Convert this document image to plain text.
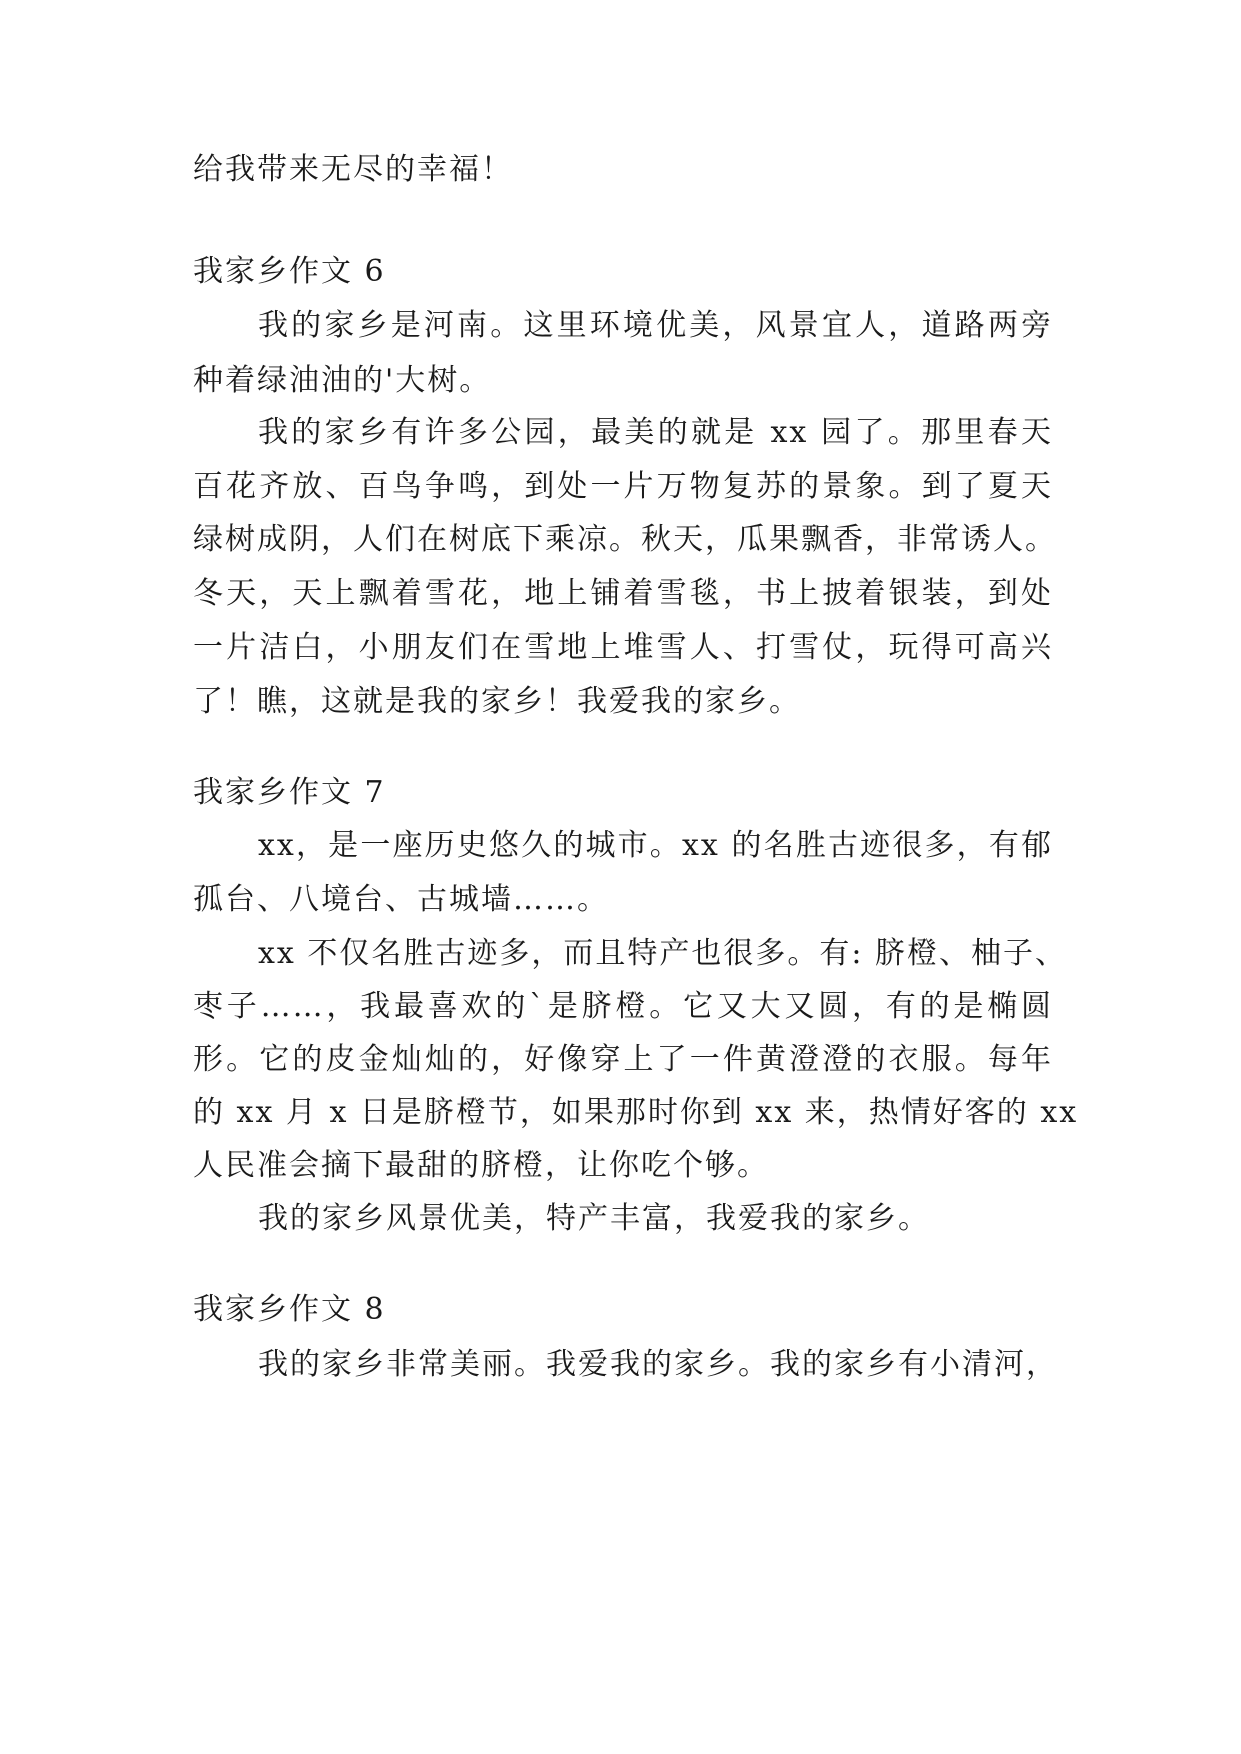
给我带来无尽的幸福！
我家乡作文 6
我的家乡是河南。这里环境优美，风景宜人，道路两旁
种着绿油油的'大树。
我的家乡有许多公园，最美的就是 xx 园了。那里春天
百花齐放、百鸟争鸣，到处一片万物复苏的景象。到了夏天
绿树成阴，人们在树底下乘凉。秋天，瓜果飘香，非常诱人。
冬天，天上飘着雪花，地上铺着雪毯，书上披着银装，到处
一片洁白，小朋友们在雪地上堆雪人、打雪仗，玩得可高兴
了！瞧，这就是我的家乡！我爱我的家乡。
我家乡作文 7
xx，是一座历史悠久的城市。xx 的名胜古迹很多，有郁
孤台、八境台、古城墙……。
xx 不仅名胜古迹多，而且特产也很多。有: 脐橙、柚子、
枣子……，我最喜欢的`是脐橙。它又大又圆，有的是椭圆
形。它的皮金灿灿的，好像穿上了一件黄澄澄的衣服。每年
的 xx 月 x 日是脐橙节，如果那时你到 xx 来，热情好客的 xx
人民准会摘下最甜的脐橙，让你吃个够。
我的家乡风景优美，特产丰富，我爱我的家乡。
我家乡作文 8
我的家乡非常美丽。我爱我的家乡。我的家乡有小清河，
